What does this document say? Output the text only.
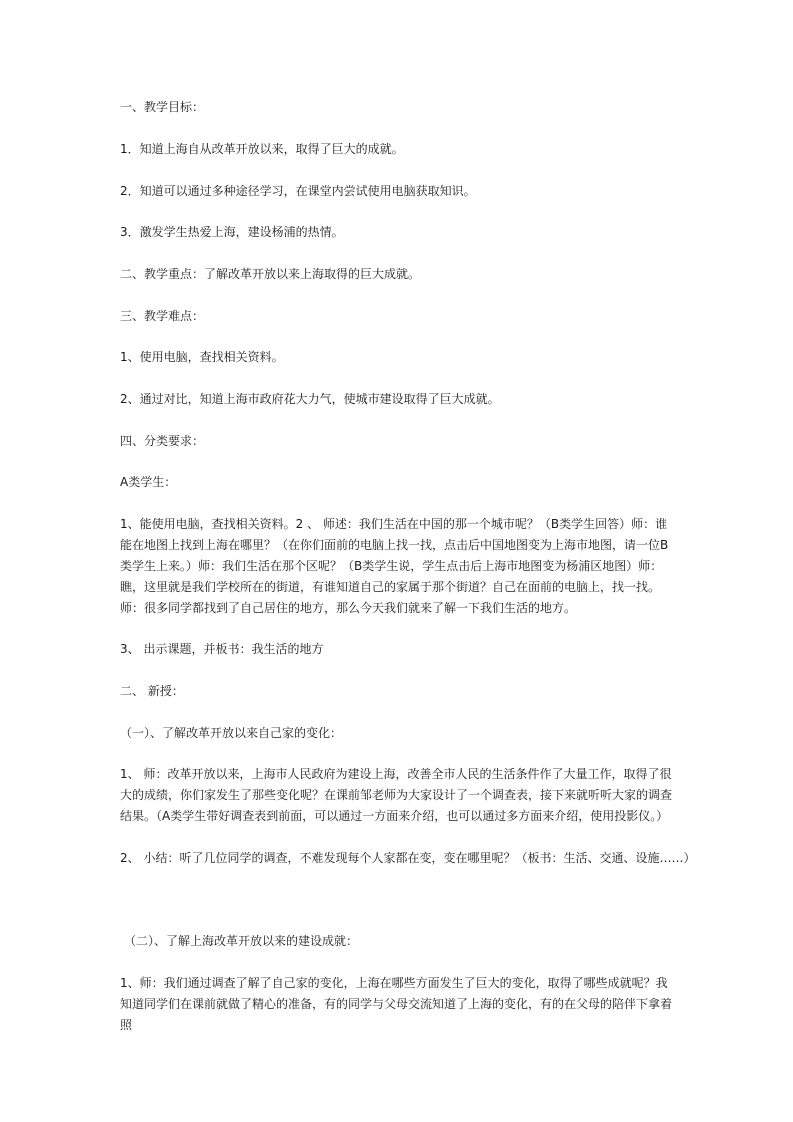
一、教学目标：

1．知道上海自从改革开放以来，取得了巨大的成就。

2．知道可以通过多种途径学习，在课堂内尝试使用电脑获取知识。

3．激发学生热爱上海，建设杨浦的热情。

二、教学重点：了解改革开放以来上海取得的巨大成就。

三、教学难点：

1、使用电脑，查找相关资料。

2、通过对比，知道上海市政府花大力气，使城市建设取得了巨大成就。

四、分类要求：

A类学生：

1、能使用电脑，查找相关资料。2 、 师述：我们生活在中国的那一个城市呢？（B类学生回答）师：谁能在地图上找到上海在哪里？（在你们面前的电脑上找一找，点击后中国地图变为上海市地图，请一位B类学生上来。）师：我们生活在那个区呢？（B类学生说，学生点击后上海市地图变为杨浦区地图）师：瞧，这里就是我们学校所在的街道，有谁知道自己的家属于那个街道？自己在面前的电脑上，找一找。师：很多同学都找到了自己居住的地方，那么今天我们就来了解一下我们生活的地方。

3、 出示课题，并板书：我生活的地方

二、 新授：

（一）、了解改革开放以来自己家的变化：

1、 师：改革开放以来，上海市人民政府为建设上海，改善全市人民的生活条件作了大量工作，取得了很大的成绩，你们家发生了那些变化呢？在课前邹老师为大家设计了一个调查表，接下来就听听大家的调查结果。（A类学生带好调查表到前面，可以通过一方面来介绍，也可以通过多方面来介绍，使用投影仪。）

2、 小结：听了几位同学的调查，不难发现每个人家都在变，变在哪里呢？（板书：生活、交通、设施……）

（二）、了解上海改革开放以来的建设成就：

1、师：我们通过调查了解了自己家的变化，上海在哪些方面发生了巨大的变化，取得了哪些成就呢？我知道同学们在课前就做了精心的准备，有的同学与父母交流知道了上海的变化，有的在父母的陪伴下拿着照
